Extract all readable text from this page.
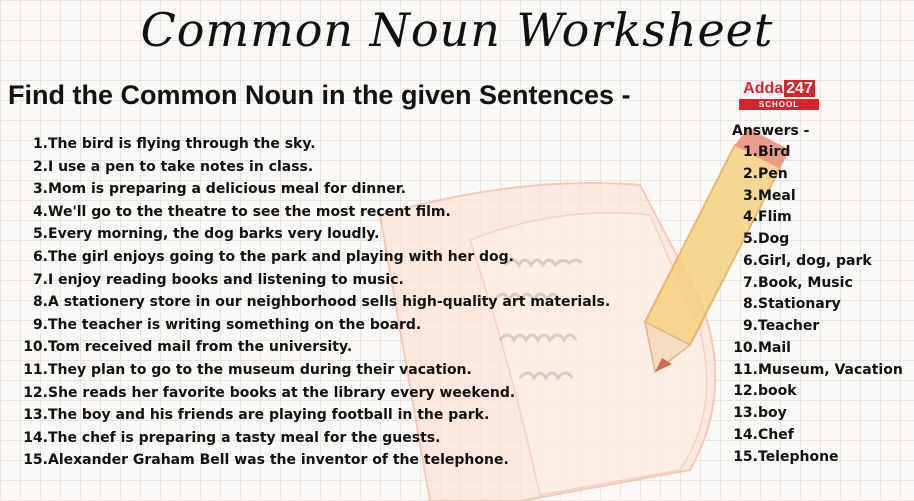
Common Noun Worksheet
Find the Common Noun in the given Sentences -	Adda 247
SCHOOL
1.The bird is flying through the sky.
2.I use a pen to take notes in class.
3.Mom is preparing a delicious meal for dinner.
4.We'll go to the theatre to see the most recent film.
5.Every morning, the dog barks very loudly.
6.The girl enjoys going to the park and playing with her dog.
7.I enjoy reading books and listening to music.
8.A stationery store in our neighborhood sells high-quality art materials.
9.The teacher is writing something on the board.
10.Tom received mail from the university.
11.They plan to go to the museum during their vacation.
12.She reads her favorite books at the library every weekend.
13.The boy and his friends are playing football in the park.
14.The chef is preparing a tasty meal for the guests.
15.Alexander Graham Bell was the inventor of the telephone.
Answers -
1.Bird
2.Pen
3.Meal
4.Flim
5.Dog
6.Girl, dog, park
7.Book, Music
8.Stationary
9.Teacher
10.Mail
11.Museum, Vacation
12.book
13.boy
14.Chef
15.Telephone
